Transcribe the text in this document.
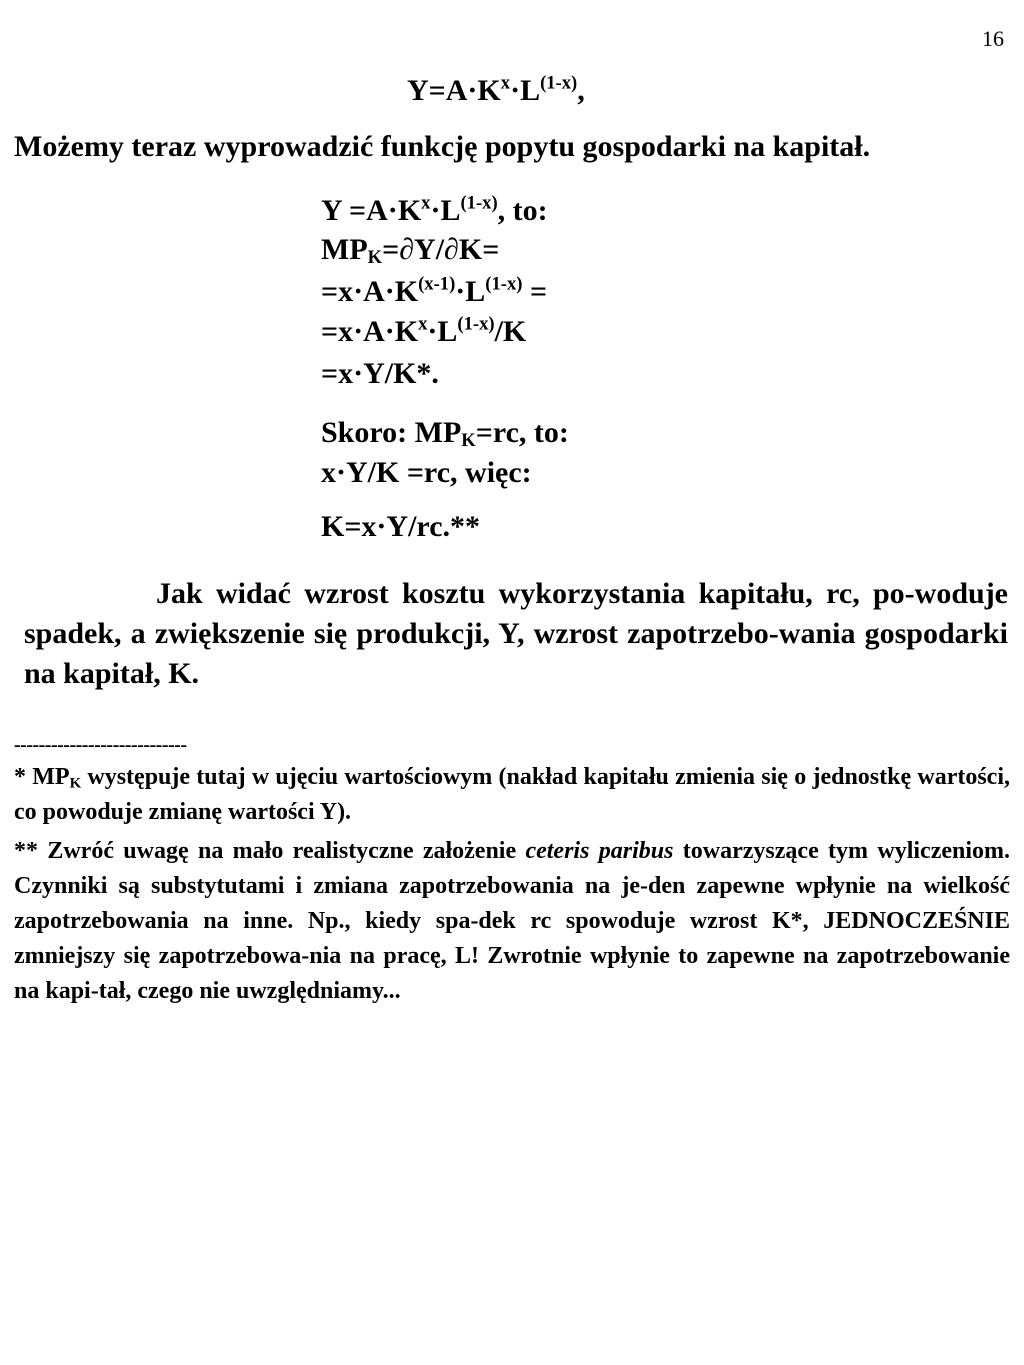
16
$Y=A\cdot K^x\cdot L^{(1-x)}$,
Możemy teraz wyprowadzić funkcję popytu gospodarki na kapitał.
$Y =A\cdot K^x\cdot L^{(1-x)}$, to:
$MP_K=\partial Y/\partial K=$
$=x\cdot A\cdot K^{(x-1)}\cdot L^{(1-x)}$ =
$=x\cdot A\cdot K^x\cdot L^{(1-x)}/K$
=x·Y/K*.
Skoro: $MP_K=rc$, to:
x·Y/K =rc, więc:
K=x·Y/rc.**
Jak widać wzrost kosztu wykorzystania kapitału, rc, po-woduje spadek, a zwiększenie się produkcji, Y, wzrost zapotrzebo-wania gospodarki na kapitał, K.
----------------------------
* $MP_K$ występuje tutaj w ujęciu wartościowym (nakład kapitału zmienia się o jednostkę wartości, co powoduje zmianę wartości Y).
** Zwróć uwagę na mało realistyczne założenie ceteris paribus towarzyszące tym wyliczeniom. Czynniki są substytutami i zmiana zapotrzebowania na je-den zapewne wpłynie na wielkość zapotrzebowania na inne. Np., kiedy spa-dek rc spowoduje wzrost K*, JEDNOCZEŚNIE zmniejszy się zapotrzebowa-nia na pracę, L! Zwrotnie wpłynie to zapewne na zapotrzebowanie na kapi-tał, czego nie uwzględniamy...
